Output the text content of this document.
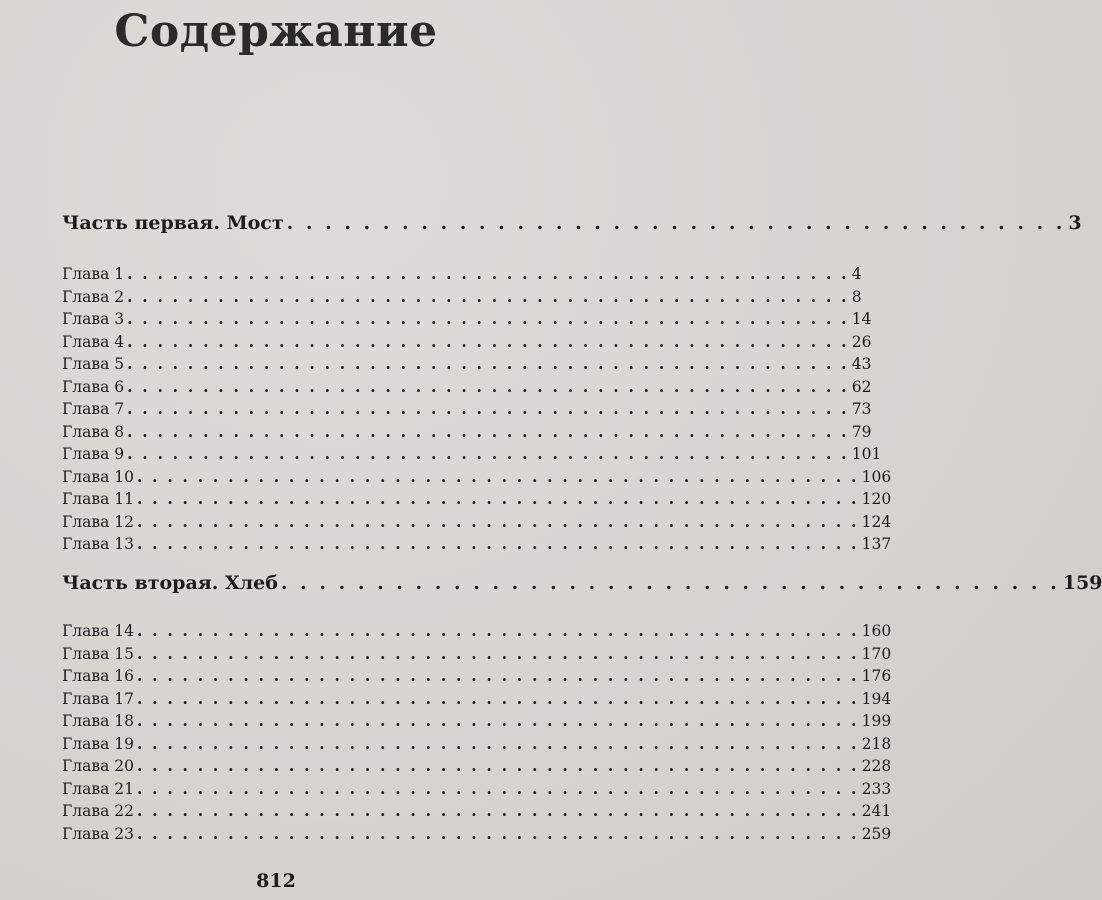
Содержание
Часть первая. Мост . . . . . . . . . . . . . . . . . . . . . . . . . . . . . . . . . . . . . . . . . 3
Глава 1 . . . . . . . . . . . . . . . . . . . . . . . . . . . . . . . . . . . . . . . . . . . . . . . . 4
Глава 2 . . . . . . . . . . . . . . . . . . . . . . . . . . . . . . . . . . . . . . . . . . . . . . . . 8
Глава 3 . . . . . . . . . . . . . . . . . . . . . . . . . . . . . . . . . . . . . . . . . . . . . . . . 14
Глава 4 . . . . . . . . . . . . . . . . . . . . . . . . . . . . . . . . . . . . . . . . . . . . . . . . 26
Глава 5 . . . . . . . . . . . . . . . . . . . . . . . . . . . . . . . . . . . . . . . . . . . . . . . . 43
Глава 6 . . . . . . . . . . . . . . . . . . . . . . . . . . . . . . . . . . . . . . . . . . . . . . . . 62
Глава 7 . . . . . . . . . . . . . . . . . . . . . . . . . . . . . . . . . . . . . . . . . . . . . . . . 73
Глава 8 . . . . . . . . . . . . . . . . . . . . . . . . . . . . . . . . . . . . . . . . . . . . . . . . 79
Глава 9 . . . . . . . . . . . . . . . . . . . . . . . . . . . . . . . . . . . . . . . . . . . . . . . . 101
Глава 10 . . . . . . . . . . . . . . . . . . . . . . . . . . . . . . . . . . . . . . . . . . . . . . . . 106
Глава 11 . . . . . . . . . . . . . . . . . . . . . . . . . . . . . . . . . . . . . . . . . . . . . . . . 120
Глава 12 . . . . . . . . . . . . . . . . . . . . . . . . . . . . . . . . . . . . . . . . . . . . . . . . 124
Глава 13 . . . . . . . . . . . . . . . . . . . . . . . . . . . . . . . . . . . . . . . . . . . . . . . . 137
Часть вторая. Хлеб . . . . . . . . . . . . . . . . . . . . . . . . . . . . . . . . . . . . . . . . . 159
Глава 14 . . . . . . . . . . . . . . . . . . . . . . . . . . . . . . . . . . . . . . . . . . . . . . . . 160
Глава 15 . . . . . . . . . . . . . . . . . . . . . . . . . . . . . . . . . . . . . . . . . . . . . . . . 170
Глава 16 . . . . . . . . . . . . . . . . . . . . . . . . . . . . . . . . . . . . . . . . . . . . . . . . 176
Глава 17 . . . . . . . . . . . . . . . . . . . . . . . . . . . . . . . . . . . . . . . . . . . . . . . . 194
Глава 18 . . . . . . . . . . . . . . . . . . . . . . . . . . . . . . . . . . . . . . . . . . . . . . . . 199
Глава 19 . . . . . . . . . . . . . . . . . . . . . . . . . . . . . . . . . . . . . . . . . . . . . . . . 218
Глава 20 . . . . . . . . . . . . . . . . . . . . . . . . . . . . . . . . . . . . . . . . . . . . . . . . 228
Глава 21 . . . . . . . . . . . . . . . . . . . . . . . . . . . . . . . . . . . . . . . . . . . . . . . . 233
Глава 22 . . . . . . . . . . . . . . . . . . . . . . . . . . . . . . . . . . . . . . . . . . . . . . . . 241
Глава 23 . . . . . . . . . . . . . . . . . . . . . . . . . . . . . . . . . . . . . . . . . . . . . . . . 259
812
